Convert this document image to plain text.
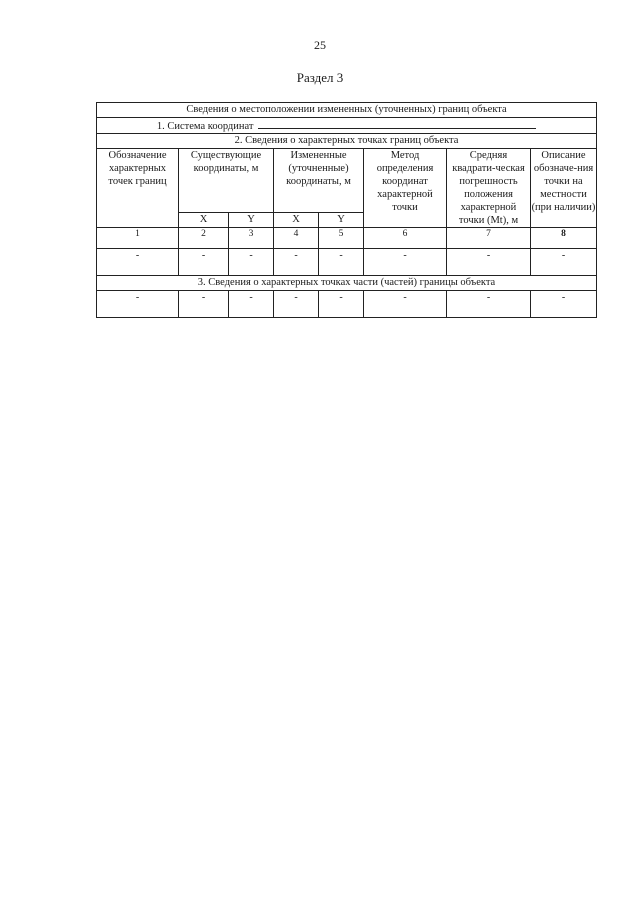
25
Раздел 3
Сведения о местоположении измененных (уточненных) границ объекта							
1. Система координат							
2. Сведения о характерных точках границ объекта							

Обозначение характерных точек границ	Существующие координаты, м		Измененные (уточненные) координаты, м		Метод определения координат характерной точки	Средняя квадрати-ческая погрешность положения характерной точки (Mt), м	Описание обозначе-ния точки на местности (при наличии)

	X	Y	X	Y			
1	2	3	4	5	6	7	8
-	-	-	-	-	-	-	-
3. Сведения о характерных точках части (частей) границы объекта							
-	-	-	-	-	-	-	-
